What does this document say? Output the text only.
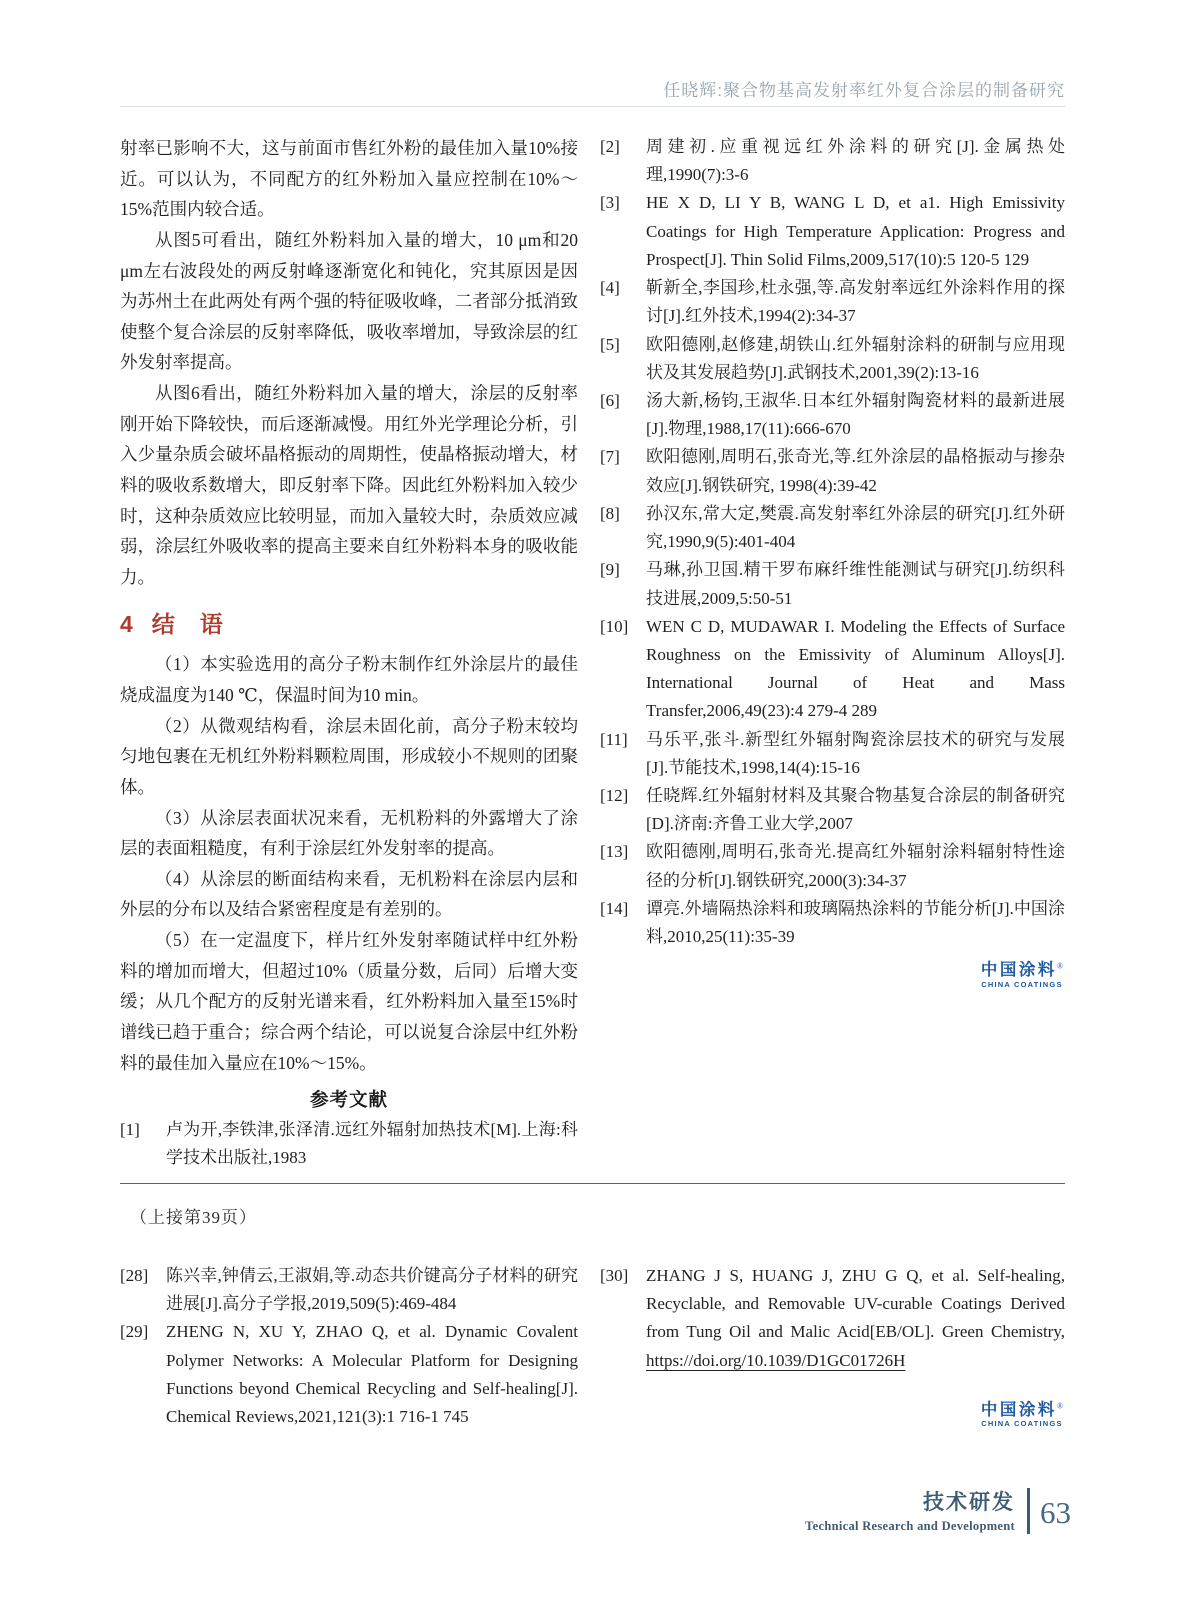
任晓辉:聚合物基高发射率红外复合涂层的制备研究

射率已影响不大，这与前面市售红外粉的最佳加入量10%接近。可以认为，不同配方的红外粉加入量应控制在10%～15%范围内较合适。

从图5可看出，随红外粉料加入量的增大，10 μm和20 μm左右波段处的两反射峰逐渐宽化和钝化，究其原因是因为苏州土在此两处有两个强的特征吸收峰，二者部分抵消致使整个复合涂层的反射率降低，吸收率增加，导致涂层的红外发射率提高。

从图6看出，随红外粉料加入量的增大，涂层的反射率刚开始下降较快，而后逐渐减慢。用红外光学理论分析，引入少量杂质会破坏晶格振动的周期性，使晶格振动增大，材料的吸收系数增大，即反射率下降。因此红外粉料加入较少时，这种杂质效应比较明显，而加入量较大时，杂质效应减弱，涂层红外吸收率的提高主要来自红外粉料本身的吸收能力。

4 结　语

（1）本实验选用的高分子粉末制作红外涂层片的最佳烧成温度为140 ℃，保温时间为10 min。

（2）从微观结构看，涂层未固化前，高分子粉末较均匀地包裹在无机红外粉料颗粒周围，形成较小不规则的团聚体。

（3）从涂层表面状况来看，无机粉料的外露增大了涂层的表面粗糙度，有利于涂层红外发射率的提高。

（4）从涂层的断面结构来看，无机粉料在涂层内层和外层的分布以及结合紧密程度是有差别的。

（5）在一定温度下，样片红外发射率随试样中红外粉料的增加而增大，但超过10%（质量分数，后同）后增大变缓；从几个配方的反射光谱来看，红外粉料加入量至15%时谱线已趋于重合；综合两个结论，可以说复合涂层中红外粉料的最佳加入量应在10%～15%。

参考文献
[1] 卢为开,李铁津,张泽清.远红外辐射加热技术[M].上海:科学技术出版社,1983
[2] 周建初.应重视远红外涂料的研究[J].金属热处理,1990(7):3-6
[3] HE X D, LI Y B, WANG L D, et a1. High Emissivity Coatings for High Temperature Application: Progress and Prospect[J]. Thin Solid Films,2009,517(10):5 120-5 129
[4] 靳新全,李国珍,杜永强,等.高发射率远红外涂料作用的探讨[J].红外技术,1994(2):34-37
[5] 欧阳德刚,赵修建,胡铁山.红外辐射涂料的研制与应用现状及其发展趋势[J].武钢技术,2001,39(2):13-16
[6] 汤大新,杨钧,王淑华.日本红外辐射陶瓷材料的最新进展[J].物理,1988,17(11):666-670
[7] 欧阳德刚,周明石,张奇光,等.红外涂层的晶格振动与掺杂效应[J].钢铁研究, 1998(4):39-42
[8] 孙汉东,常大定,樊震.高发射率红外涂层的研究[J].红外研究,1990,9(5):401-404
[9] 马琳,孙卫国.精干罗布麻纤维性能测试与研究[J].纺织科技进展,2009,5:50-51
[10] WEN C D, MUDAWAR I. Modeling the Effects of Surface Roughness on the Emissivity of Aluminum Alloys[J]. International Journal of Heat and Mass Transfer,2006,49(23):4 279-4 289
[11] 马乐平,张斗.新型红外辐射陶瓷涂层技术的研究与发展[J].节能技术,1998,14(4):15-16
[12] 任晓辉.红外辐射材料及其聚合物基复合涂层的制备研究[D].济南:齐鲁工业大学,2007
[13] 欧阳德刚,周明石,张奇光.提高红外辐射涂料辐射特性途径的分析[J].钢铁研究,2000(3):34-37
[14] 谭亮.外墙隔热涂料和玻璃隔热涂料的节能分析[J].中国涂料,2010,25(11):35-39
中国涂料®
CHINA COATINGS
（上接第39页）
[28] 陈兴幸,钟倩云,王淑娟,等.动态共价键高分子材料的研究进展[J].高分子学报,2019,509(5):469-484
[29] ZHENG N, XU Y, ZHAO Q, et al. Dynamic Covalent Polymer Networks: A Molecular Platform for Designing Functions beyond Chemical Recycling and Self-healing[J]. Chemical Reviews,2021,121(3):1 716-1 745
[30] ZHANG J S, HUANG J, ZHU G Q, et al. Self-healing, Recyclable, and Removable UV-curable Coatings Derived from Tung Oil and Malic Acid[EB/OL]. Green Chemistry, https://doi.org/10.1039/D1GC01726H
中国涂料®
CHINA COATINGS
技术研发
Technical Research and Development 63
